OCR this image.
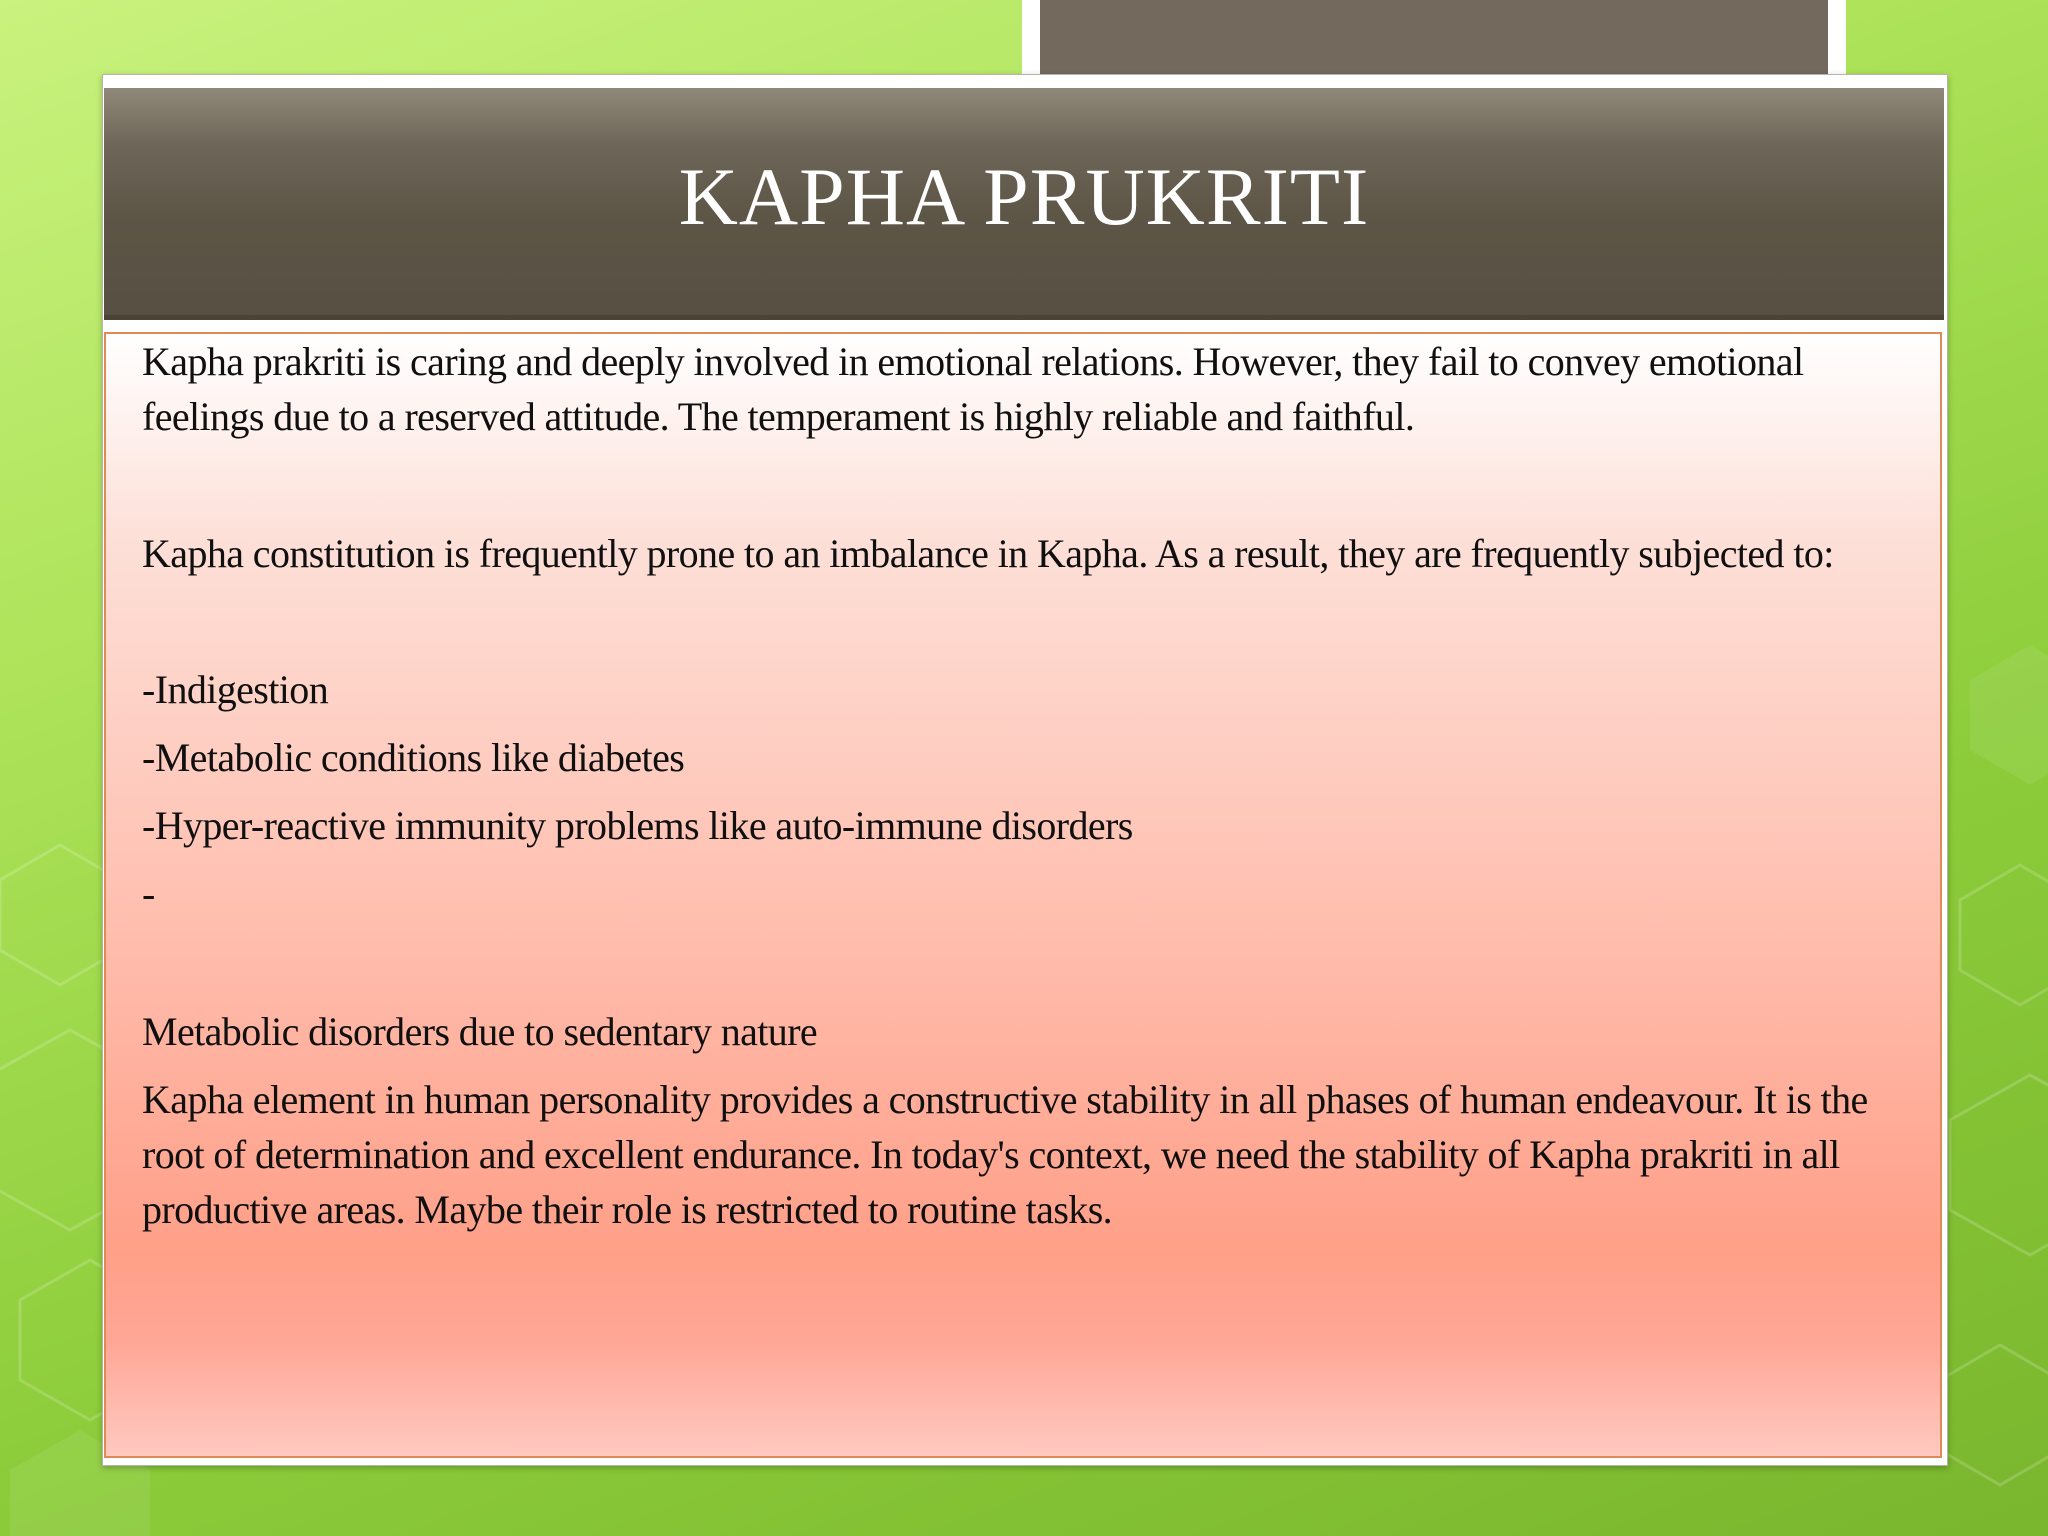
KAPHA PRUKRITI

Kapha prakriti is caring and deeply involved in emotional relations. However, they fail to convey emotional feelings due to a reserved attitude. The temperament is highly reliable and faithful.

Kapha constitution is frequently prone to an imbalance in Kapha. As a result, they are frequently subjected to:

-Indigestion

-Metabolic conditions like diabetes

-Hyper-reactive immunity problems like auto-immune disorders

-

Metabolic disorders due to sedentary nature

Kapha element in human personality provides a constructive stability in all phases of human endeavour. It is the root of determination and excellent endurance. In today's context, we need the stability of Kapha prakriti in all productive areas. Maybe their role is restricted to routine tasks.
